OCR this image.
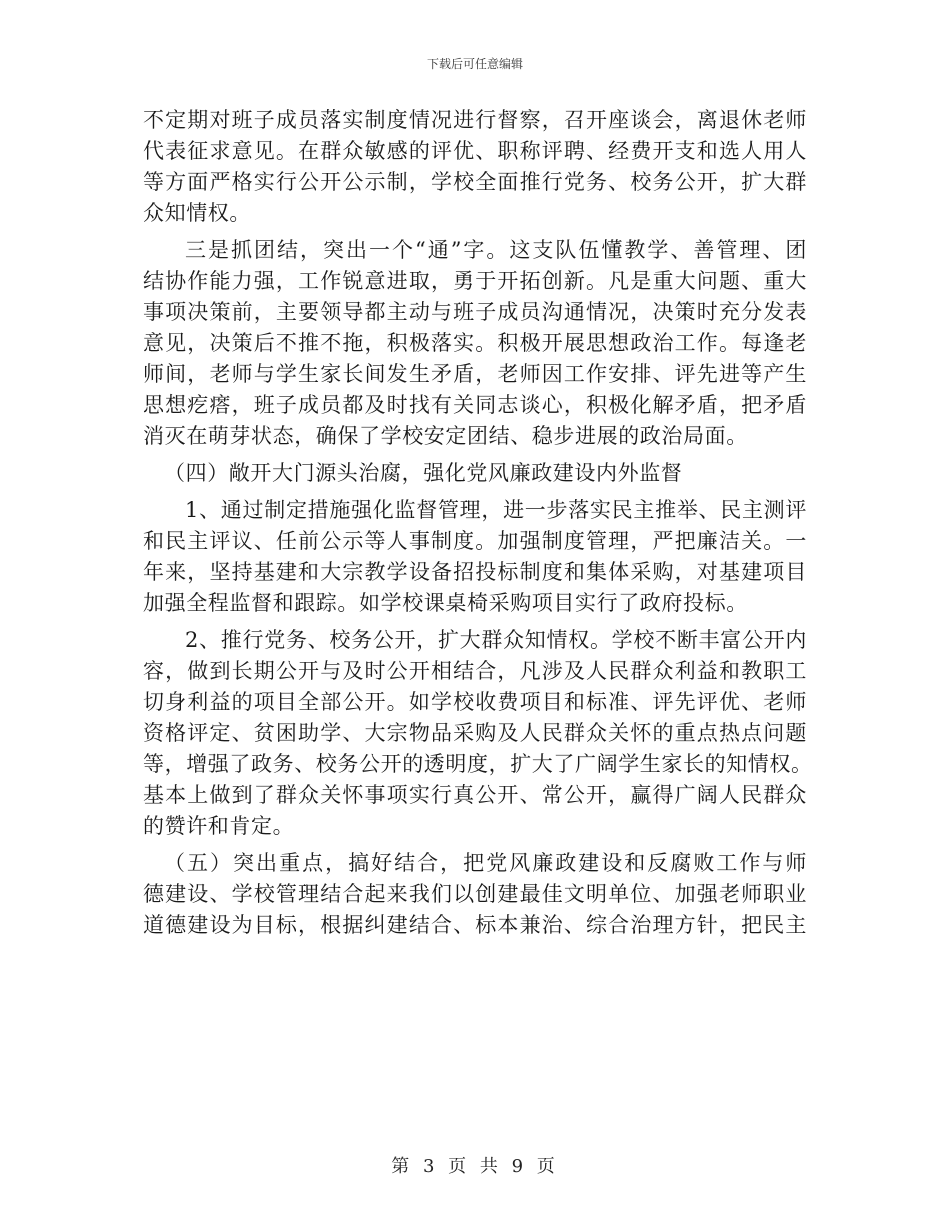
下载后可任意编辑
不定期对班子成员落实制度情况进行督察，召开座谈会，离退休老师
代表征求意见。在群众敏感的评优、职称评聘、经费开支和选人用人
等方面严格实行公开公示制，学校全面推行党务、校务公开，扩大群
众知情权。
三是抓团结，突出一个“通”字。这支队伍懂教学、善管理、团
结协作能力强，工作锐意进取，勇于开拓创新。凡是重大问题、重大
事项决策前，主要领导都主动与班子成员沟通情况，决策时充分发表
意见，决策后不推不拖，积极落实。积极开展思想政治工作。每逢老
师间，老师与学生家长间发生矛盾，老师因工作安排、评先进等产生
思想疙瘩，班子成员都及时找有关同志谈心，积极化解矛盾，把矛盾
消灭在萌芽状态，确保了学校安定团结、稳步进展的政治局面。
（四）敞开大门源头治腐，强化党风廉政建设内外监督
1、通过制定措施强化监督管理，进一步落实民主推举、民主测评
和民主评议、任前公示等人事制度。加强制度管理，严把廉洁关。一
年来，坚持基建和大宗教学设备招投标制度和集体采购，对基建项目
加强全程监督和跟踪。如学校课桌椅采购项目实行了政府投标。
2、推行党务、校务公开，扩大群众知情权。学校不断丰富公开内
容，做到长期公开与及时公开相结合，凡涉及人民群众利益和教职工
切身利益的项目全部公开。如学校收费项目和标准、评先评优、老师
资格评定、贫困助学、大宗物品采购及人民群众关怀的重点热点问题
等，增强了政务、校务公开的透明度，扩大了广阔学生家长的知情权。
基本上做到了群众关怀事项实行真公开、常公开，赢得广阔人民群众
的赞许和肯定。
（五）突出重点，搞好结合，把党风廉政建设和反腐败工作与师
德建设、学校管理结合起来我们以创建最佳文明单位、加强老师职业
道德建设为目标，根据纠建结合、标本兼治、综合治理方针，把民主
第 3 页 共 9 页
